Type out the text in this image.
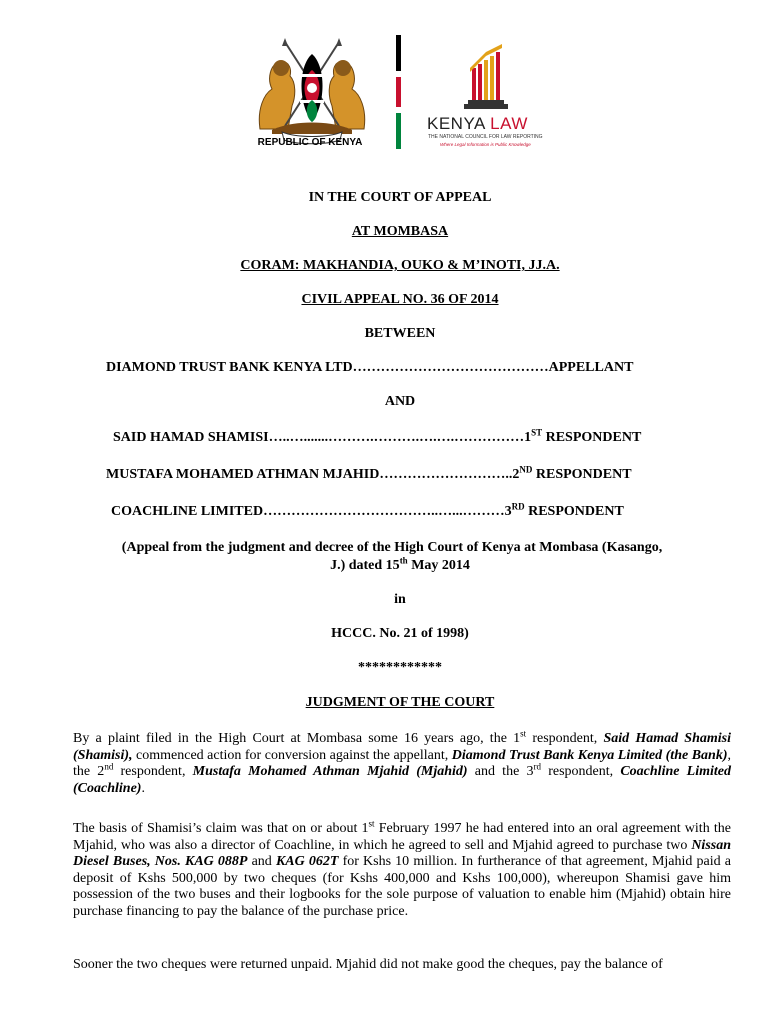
REPUBLIC OF KENYA
KENYA LAW
THE NATIONAL COUNCIL FOR LAW REPORTING
Where Legal Information is Public Knowledge
IN THE COURT OF APPEAL
AT MOMBASA
CORAM: MAKHANDIA, OUKO & M’INOTI, JJ.A.
CIVIL APPEAL NO. 36 OF 2014
BETWEEN
DIAMOND TRUST BANK KENYA LTD……………………………………APPELLANT
AND
SAID HAMAD SHAMISI…..….......……….……….….….……………1ST RESPONDENT
MUSTAFA MOHAMED ATHMAN MJAHID………………………..2ND RESPONDENT
COACHLINE LIMITED………………………………..…...………3RD RESPONDENT
(Appeal from the judgment and decree of the High Court of Kenya at Mombasa (Kasango,
J.) dated 15th May 2014
in
HCCC. No. 21 of 1998)
************
JUDGMENT OF THE COURT
By a plaint filed in the High Court at Mombasa some 16 years ago, the 1st respondent, Said Hamad Shamisi (Shamisi), commenced action for conversion against the appellant, Diamond Trust Bank Kenya Limited (the Bank), the 2nd respondent, Mustafa Mohamed Athman Mjahid (Mjahid) and the 3rd respondent, Coachline Limited (Coachline).
The basis of Shamisi’s claim was that on or about 1st February 1997 he had entered into an oral agreement with the Mjahid, who was also a director of Coachline, in which he agreed to sell and Mjahid agreed to purchase two Nissan Diesel Buses, Nos. KAG 088P and KAG 062T for Kshs 10 million. In furtherance of that agreement, Mjahid paid a deposit of Kshs 500,000 by two cheques (for Kshs 400,000 and Kshs 100,000), whereupon Shamisi gave him possession of the two buses and their logbooks for the sole purpose of valuation to enable him (Mjahid) obtain hire purchase financing to pay the balance of the purchase price.
Sooner the two cheques were returned unpaid. Mjahid did not make good the cheques, pay the balance of
